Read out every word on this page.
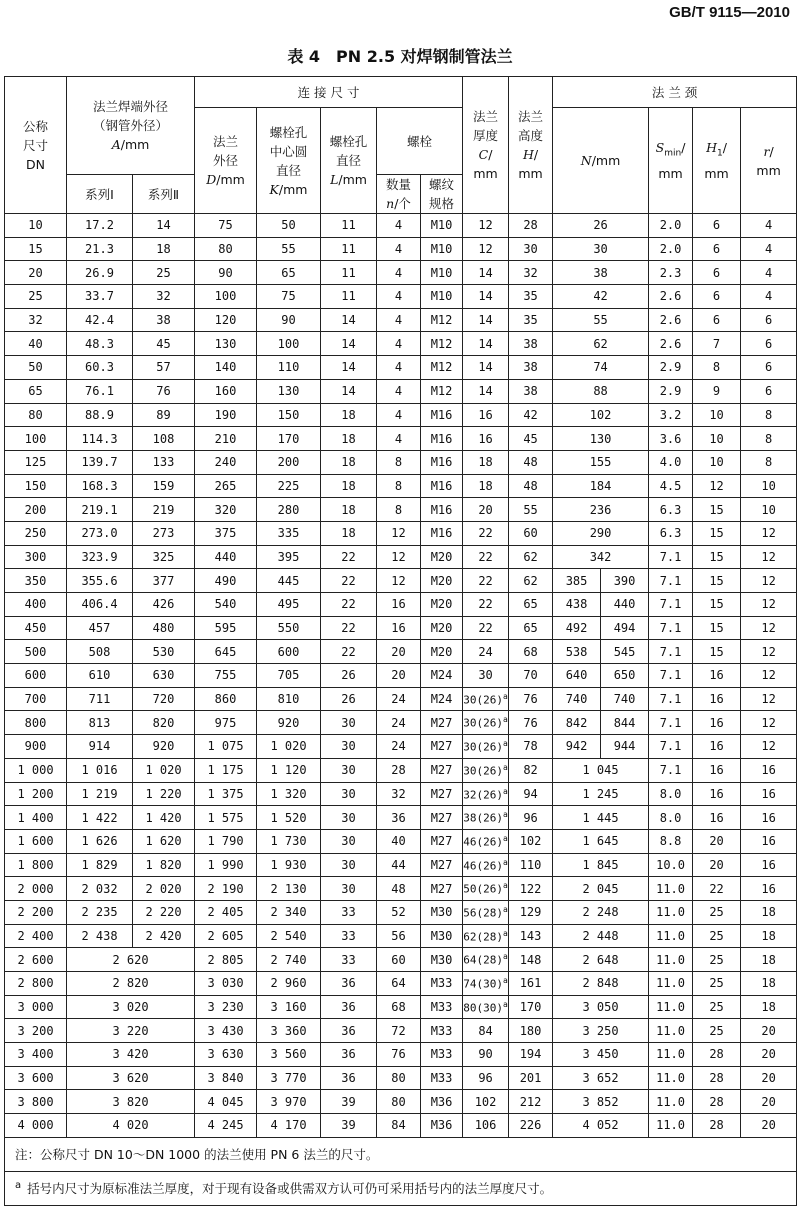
GB/T 9115—2010
表 4　PN 2.5 对焊钢制管法兰
公称
尺寸
DN	法兰焊端外径
（钢管外径）
A/mm		连 接 尺 寸					法兰
厚度
C/
mm	法兰
高度
H/
mm	法 兰 颈				
			法兰
外径
D/mm	螺栓孔
中心圆
直径
K/mm	螺栓孔
直径
L/mm	螺栓				N/mm		$S_{min}/$
mm	$H_1/$
mm	r/
mm
	系列Ⅰ	系列Ⅱ				数量
n/个	螺纹
规格							
10	17.2	14	75	50	11	4	M10	12	28	26		2.0	6	4
15	21.3	18	80	55	11	4	M10	12	30	30		2.0	6	4
20	26.9	25	90	65	11	4	M10	14	32	38		2.3	6	4
25	33.7	32	100	75	11	4	M10	14	35	42		2.6	6	4
32	42.4	38	120	90	14	4	M12	14	35	55		2.6	6	6
40	48.3	45	130	100	14	4	M12	14	38	62		2.6	7	6
50	60.3	57	140	110	14	4	M12	14	38	74		2.9	8	6
65	76.1	76	160	130	14	4	M12	14	38	88		2.9	9	6
80	88.9	89	190	150	18	4	M16	16	42	102		3.2	10	8
100	114.3	108	210	170	18	4	M16	16	45	130		3.6	10	8
125	139.7	133	240	200	18	8	M16	18	48	155		4.0	10	8
150	168.3	159	265	225	18	8	M16	18	48	184		4.5	12	10
200	219.1	219	320	280	18	8	M16	20	55	236		6.3	15	10
250	273.0	273	375	335	18	12	M16	22	60	290		6.3	15	12
300	323.9	325	440	395	22	12	M20	22	62	342		7.1	15	12
350	355.6	377	490	445	22	12	M20	22	62	385	390	7.1	15	12
400	406.4	426	540	495	22	16	M20	22	65	438	440	7.1	15	12
450	457	480	595	550	22	16	M20	22	65	492	494	7.1	15	12
500	508	530	645	600	22	20	M20	24	68	538	545	7.1	15	12
600	610	630	755	705	26	20	M24	30	70	640	650	7.1	16	12
700	711	720	860	810	26	24	M24	$30(26)^a$	76	740	740	7.1	16	12
800	813	820	975	920	30	24	M27	$30(26)^a$	76	842	844	7.1	16	12
900	914	920	1 075	1 020	30	24	M27	$30(26)^a$	78	942	944	7.1	16	12
1 000	1 016	1 020	1 175	1 120	30	28	M27	$30(26)^a$	82	1 045		7.1	16	16
1 200	1 219	1 220	1 375	1 320	30	32	M27	$32(26)^a$	94	1 245		8.0	16	16
1 400	1 422	1 420	1 575	1 520	30	36	M27	$38(26)^a$	96	1 445		8.0	16	16
1 600	1 626	1 620	1 790	1 730	30	40	M27	$46(26)^a$	102	1 645		8.8	20	16
1 800	1 829	1 820	1 990	1 930	30	44	M27	$46(26)^a$	110	1 845		10.0	20	16
2 000	2 032	2 020	2 190	2 130	30	48	M27	$50(26)^a$	122	2 045		11.0	22	16
2 200	2 235	2 220	2 405	2 340	33	52	M30	$56(28)^a$	129	2 248		11.0	25	18
2 400	2 438	2 420	2 605	2 540	33	56	M30	$62(28)^a$	143	2 448		11.0	25	18
2 600	2 620		2 805	2 740	33	60	M30	$64(28)^a$	148	2 648		11.0	25	18
2 800	2 820		3 030	2 960	36	64	M33	$74(30)^a$	161	2 848		11.0	25	18
3 000	3 020		3 230	3 160	36	68	M33	$80(30)^a$	170	3 050		11.0	25	18
3 200	3 220		3 430	3 360	36	72	M33	84	180	3 250		11.0	25	20
3 400	3 420		3 630	3 560	36	76	M33	90	194	3 450		11.0	28	20
3 600	3 620		3 840	3 770	36	80	M33	96	201	3 652		11.0	28	20
3 800	3 820		4 045	3 970	39	80	M36	102	212	3 852		11.0	28	20
4 000	4 020		4 245	4 170	39	84	M36	106	226	4 052		11.0	28	20
注：公称尺寸 DN 10～DN 1000 的法兰使用 PN 6 法兰的尺寸。														
$^a$ 括号内尺寸为原标准法兰厚度，对于现有设备或供需双方认可仍可采用括号内的法兰厚度尺寸。														
